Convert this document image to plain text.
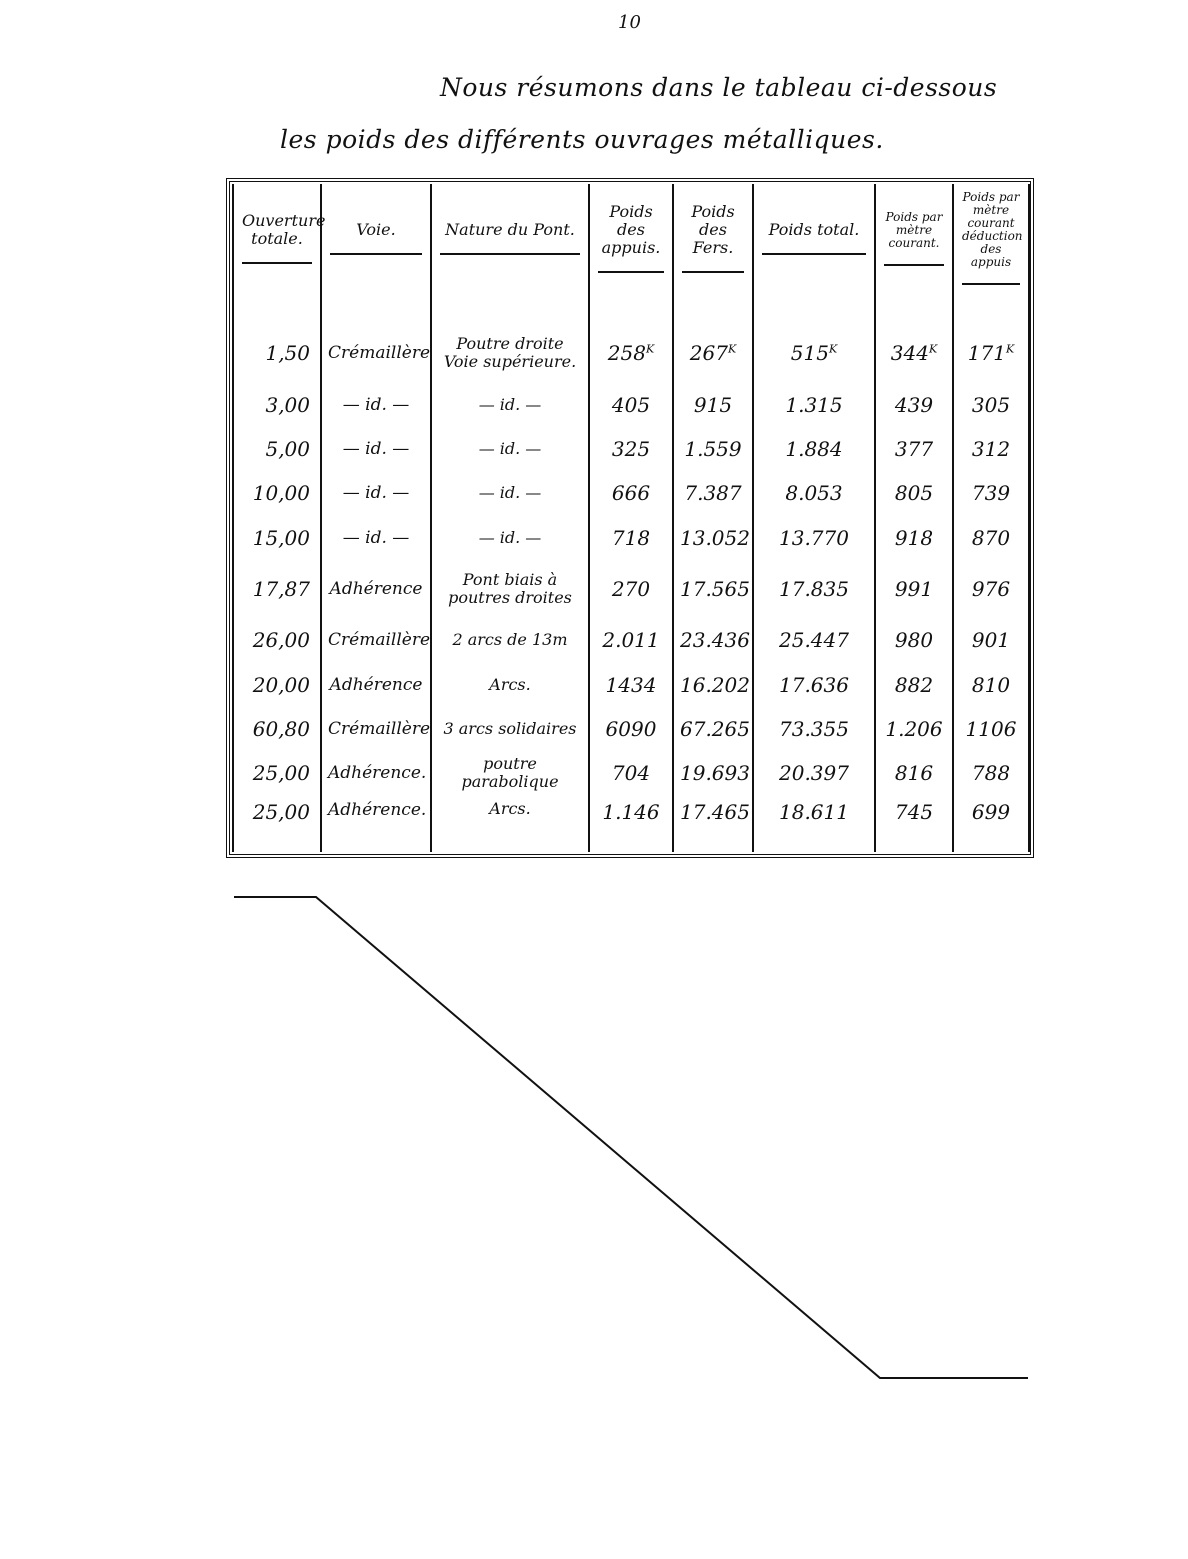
10

Nous résumons dans le tableau ci-dessous les poids des différents ouvrages métalliques.

Ouverture totale.	Voie.	Nature du Pont.	Poids des appuis.	Poids des Fers.	Poids total.	Poids par mètre courant.	Poids par mètre courant déduction des appuis

1,50	Crémaillère	Poutre droite Voie supérieure.	$258^K$	$267^K$	$515^K$	$344^K$	$171^K$
3,00	— id. —	— id. —	405	915	1.315	439	305
5,00	— id. —	— id. —	325	1.559	1.884	377	312
10,00	— id. —	— id. —	666	7.387	8.053	805	739
15,00	— id. —	— id. —	718	13.052	13.770	918	870
17,87	Adhérence	Pont biais à poutres droites	270	17.565	17.835	991	976
26,00	Crémaillère	2 arcs de 13m	2.011	23.436	25.447	980	901
20,00	Adhérence	Arcs.	1434	16.202	17.636	882	810
60,80	Crémaillère	3 arcs solidaires	6090	67.265	73.355	1.206	1106
25,00	Adhérence.	poutre parabolique	704	19.693	20.397	816	788
25,00	Adhérence.	Arcs.	1.146	17.465	18.611	745	699
